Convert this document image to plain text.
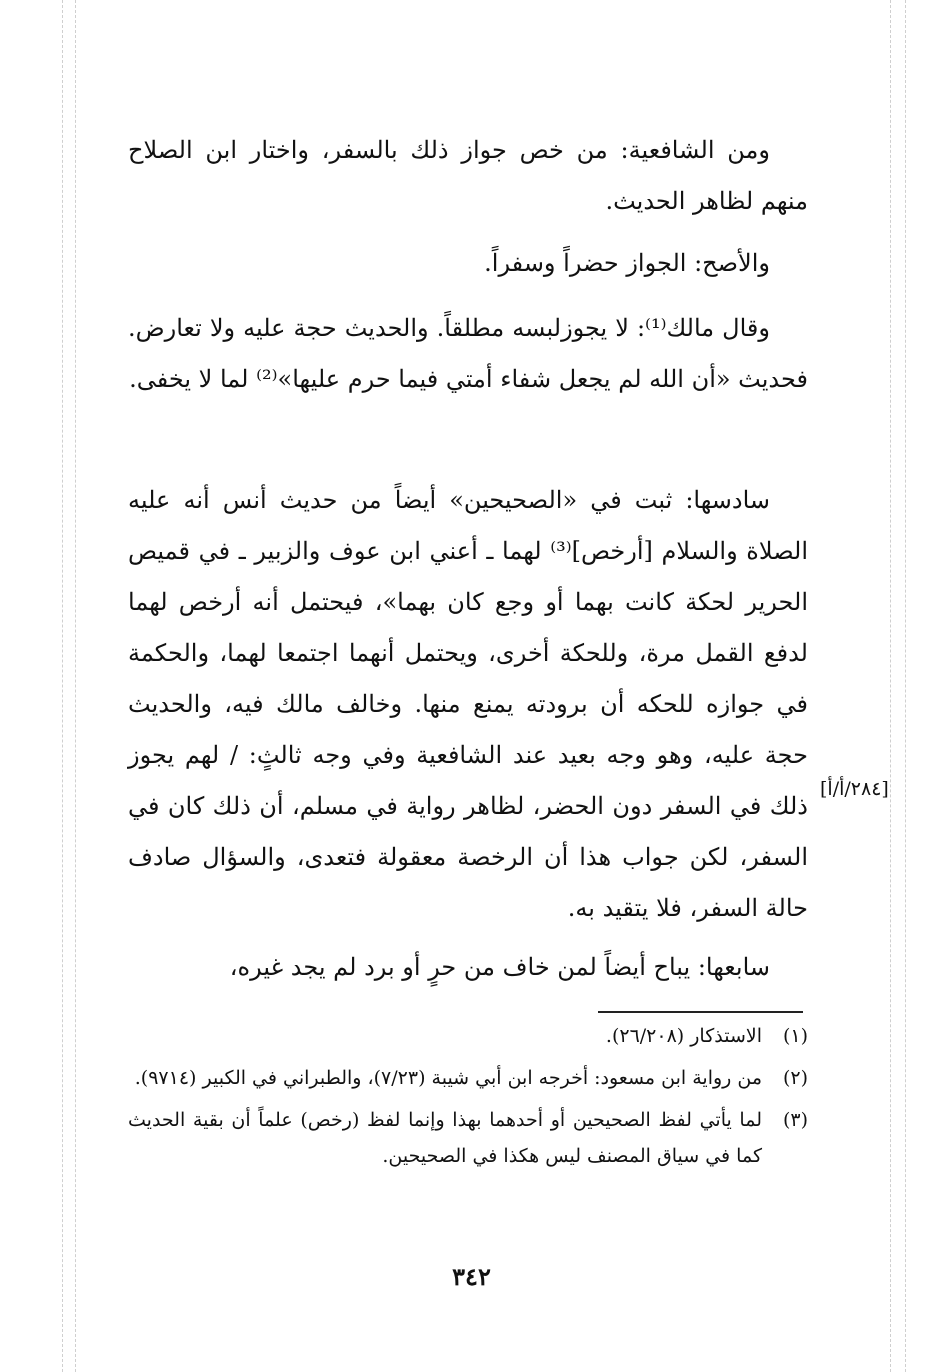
ومن الشافعية: من خص جواز ذلك بالسفر، واختار ابن الصلاح منهم لظاهر الحديث.

والأصح: الجواز حضراً وسفراً.

وقال مالك⁽¹⁾: لا يجوزلبسه مطلقاً. والحديث حجة عليه ولا تعارض. فحديث «أن الله لم يجعل شفاء أمتي فيما حرم عليها»⁽²⁾ لما لا يخفى.

سادسها: ثبت في «الصحيحين» أيضاً من حديث أنس أنه عليه الصلاة والسلام [أرخص]⁽³⁾ لهما ـ أعني ابن عوف والزبير ـ في قميص الحرير لحكة كانت بهما أو وجع كان بهما»، فيحتمل أنه أرخص لهما لدفع القمل مرة، وللحكة أخرى، ويحتمل أنهما اجتمعا لهما، والحكمة في جوازه للحكه أن برودته يمنع منها. وخالف مالك فيه، والحديث حجة عليه، وهو وجه بعيد عند الشافعية وفي وجه ثالثٍ: / لهم يجوز ذلك في السفر دون الحضر، لظاهر رواية في مسلم، أن ذلك كان في السفر، لكن جواب هذا أن الرخصة معقولة فتعدى، والسؤال صادف حالة السفر، فلا يتقيد به.

[٢٨٤/أ/أ]

سابعها: يباح أيضاً لمن خاف من حرٍ أو برد لم يجد غيره،

(١)
الاستذكار (٢٦/٢٠٨).
(٢)
من رواية ابن مسعود: أخرجه ابن أبي شيبة (٧/٢٣)، والطبراني في الكبير (٩٧١٤).
(٣)
لما يأتي لفظ الصحيحين أو أحدهما بهذا وإنما لفظ (رخص) علماً أن بقية الحديث كما في سياق المصنف ليس هكذا في الصحيحين.
٣٤٢
